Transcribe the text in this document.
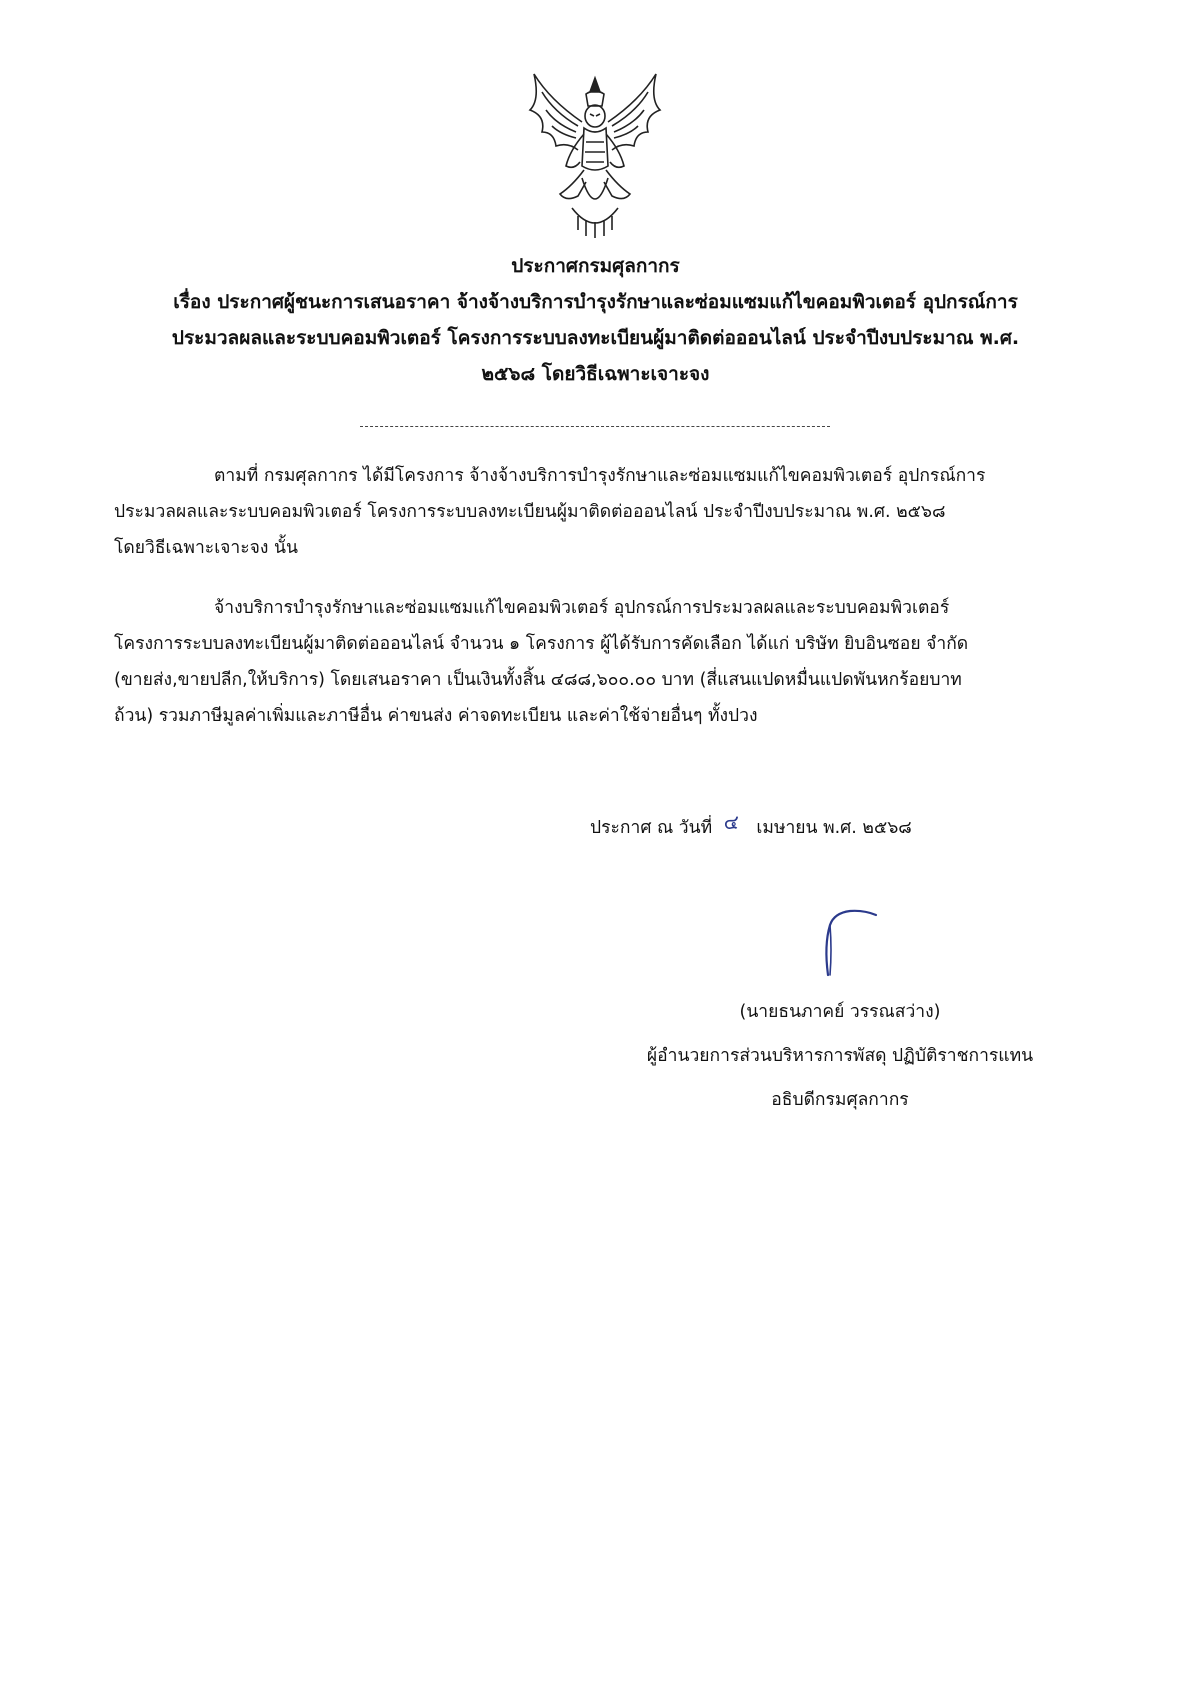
ประกาศกรมศุลกากร
เรื่อง ประกาศผู้ชนะการเสนอราคา จ้างจ้างบริการบำรุงรักษาและซ่อมแซมแก้ไขคอมพิวเตอร์ อุปกรณ์การ
ประมวลผลและระบบคอมพิวเตอร์ โครงการระบบลงทะเบียนผู้มาติดต่อออนไลน์ ประจำปีงบประมาณ พ.ศ.
๒๕๖๘ โดยวิธีเฉพาะเจาะจง
ตามที่ กรมศุลกากร ได้มีโครงการ จ้างจ้างบริการบำรุงรักษาและซ่อมแซมแก้ไขคอมพิวเตอร์ อุปกรณ์การ
ประมวลผลและระบบคอมพิวเตอร์ โครงการระบบลงทะเบียนผู้มาติดต่อออนไลน์ ประจำปีงบประมาณ พ.ศ. ๒๕๖๘
โดยวิธีเฉพาะเจาะจง นั้น
จ้างบริการบำรุงรักษาและซ่อมแซมแก้ไขคอมพิวเตอร์ อุปกรณ์การประมวลผลและระบบคอมพิวเตอร์
โครงการระบบลงทะเบียนผู้มาติดต่อออนไลน์ จำนวน ๑ โครงการ ผู้ได้รับการคัดเลือก ได้แก่ บริษัท ยิบอินซอย จำกัด
(ขายส่ง,ขายปลีก,ให้บริการ) โดยเสนอราคา เป็นเงินทั้งสิ้น ๔๘๘,๖๐๐.๐๐ บาท (สี่แสนแปดหมื่นแปดพันหกร้อยบาท
ถ้วน) รวมภาษีมูลค่าเพิ่มและภาษีอื่น ค่าขนส่ง ค่าจดทะเบียน และค่าใช้จ่ายอื่นๆ ทั้งปวง
ประกาศ ณ วันที่ ๔ เมษายน พ.ศ. ๒๕๖๘
(นายธนภาคย์ วรรณสว่าง)
ผู้อำนวยการส่วนบริหารการพัสดุ ปฏิบัติราชการแทน
อธิบดีกรมศุลกากร
